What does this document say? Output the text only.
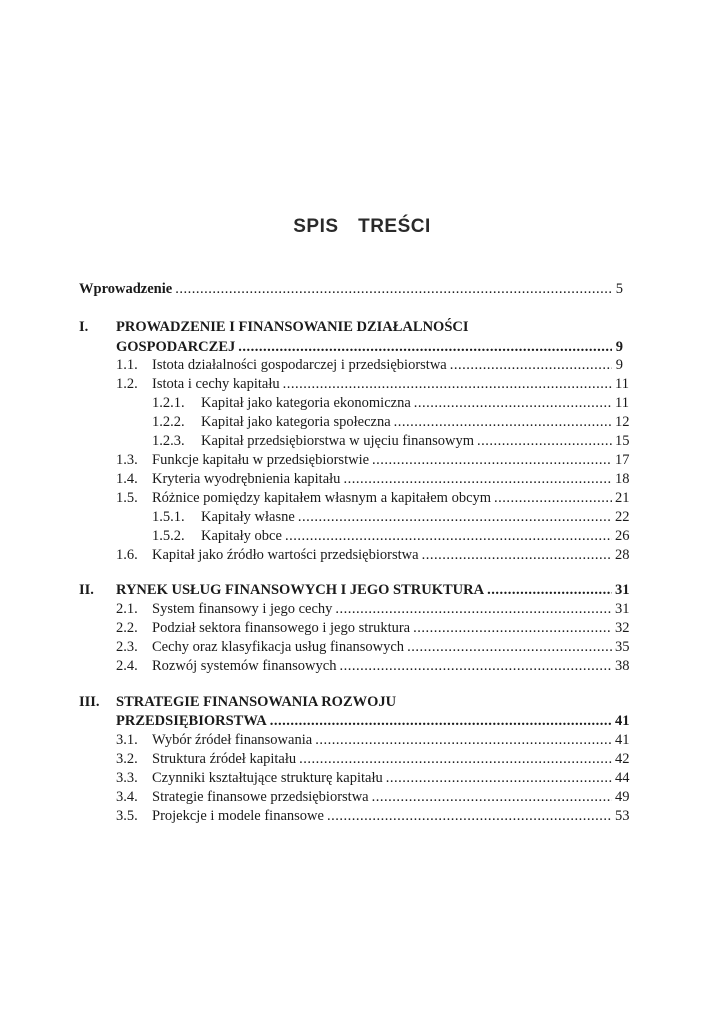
SPIS  TREŚCI
Wprowadzenie .....	5
I. PROWADZENIE I FINANSOWANIE DZIAŁALNOŚCI
GOSPODARCZEJ .....	9
1.1. Istota działalności gospodarczej i przedsiębiorstwa .....	9
1.2. Istota i cechy kapitału .....	11
1.2.1. Kapitał jako kategoria ekonomiczna .....	11
1.2.2. Kapitał jako kategoria społeczna .....	12
1.2.3. Kapitał przedsiębiorstwa w ujęciu finansowym .....	15
1.3. Funkcje kapitału w przedsiębiorstwie .....	17
1.4. Kryteria wyodrębnienia kapitału .....	18
1.5. Różnice pomiędzy kapitałem własnym a kapitałem obcym .....	21
1.5.1. Kapitały własne .....	22
1.5.2. Kapitały obce .....	26
1.6. Kapitał jako źródło wartości przedsiębiorstwa .....	28
II. RYNEK USŁUG FINANSOWYCH I JEGO STRUKTURA .....	31
2.1. System finansowy i jego cechy .....	31
2.2. Podział sektora finansowego i jego struktura .....	32
2.3. Cechy oraz klasyfikacja usług finansowych .....	35
2.4. Rozwój systemów finansowych .....	38
III. STRATEGIE FINANSOWANIA ROZWOJU
PRZEDSIĘBIORSTWA .....	41
3.1. Wybór źródeł finansowania .....	41
3.2. Struktura źródeł kapitału .....	42
3.3. Czynniki kształtujące strukturę kapitału .....	44
3.4. Strategie finansowe przedsiębiorstwa .....	49
3.5. Projekcje i modele finansowe .....	53
